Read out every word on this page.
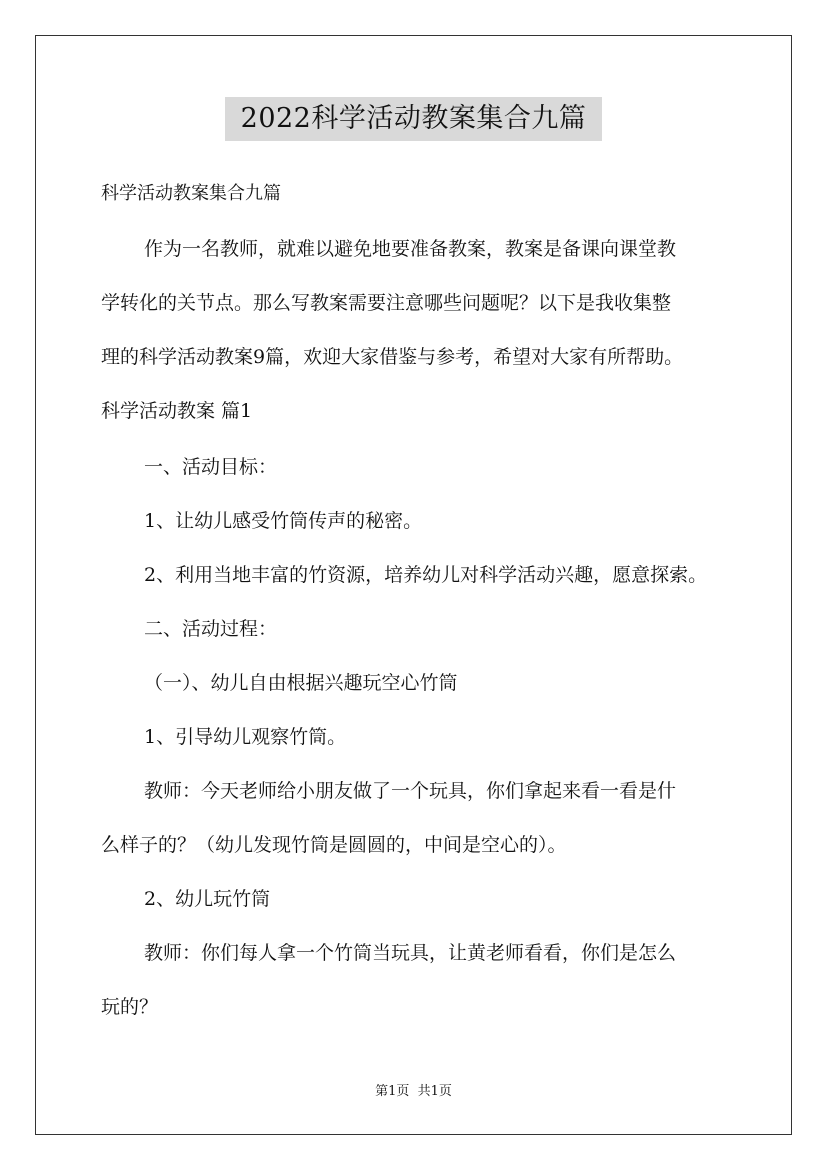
2022科学活动教案集合九篇
科学活动教案集合九篇
作为一名教师，就难以避免地要准备教案，教案是备课向课堂教
学转化的关节点。那么写教案需要注意哪些问题呢？以下是我收集整
理的科学活动教案9篇，欢迎大家借鉴与参考，希望对大家有所帮助。
科学活动教案 篇1
一、活动目标：
1、让幼儿感受竹筒传声的秘密。
2、利用当地丰富的竹资源，培养幼儿对科学活动兴趣，愿意探索。
二、活动过程：
（一）、幼儿自由根据兴趣玩空心竹筒
1、引导幼儿观察竹筒。
教师：今天老师给小朋友做了一个玩具，你们拿起来看一看是什
么样子的？（幼儿发现竹筒是圆圆的，中间是空心的）。
2、幼儿玩竹筒
教师：你们每人拿一个竹筒当玩具，让黄老师看看，你们是怎么
玩的？
第1页 共1页
